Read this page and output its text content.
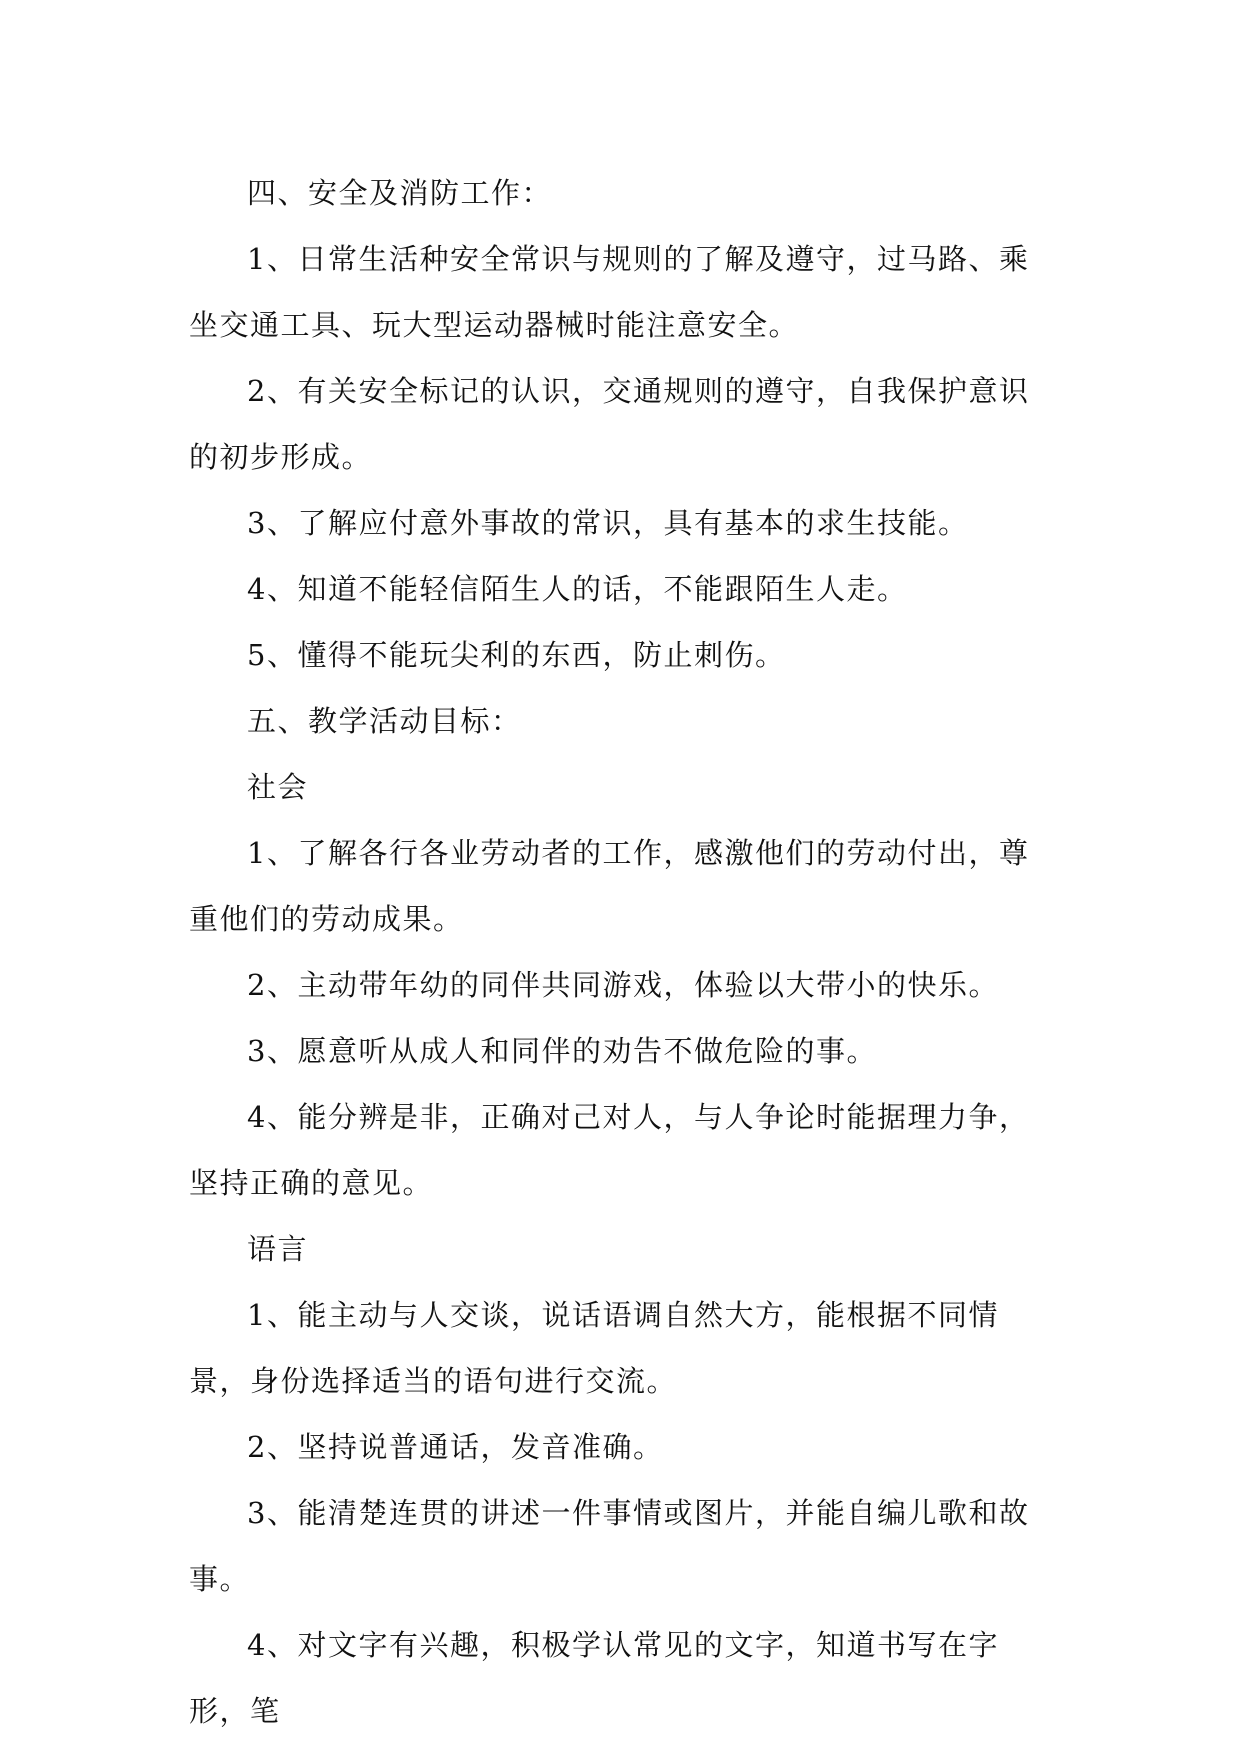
四、安全及消防工作：

1、日常生活种安全常识与规则的了解及遵守，过马路、乘坐交通工具、玩大型运动器械时能注意安全。

2、有关安全标记的认识，交通规则的遵守，自我保护意识的初步形成。

3、了解应付意外事故的常识，具有基本的求生技能。

4、知道不能轻信陌生人的话，不能跟陌生人走。

5、懂得不能玩尖利的东西，防止刺伤。

五、教学活动目标：

社会

1、了解各行各业劳动者的工作，感激他们的劳动付出，尊重他们的劳动成果。

2、主动带年幼的同伴共同游戏，体验以大带小的快乐。

3、愿意听从成人和同伴的劝告不做危险的事。

4、能分辨是非，正确对己对人，与人争论时能据理力争，坚持正确的意见。

语言

1、能主动与人交谈，说话语调自然大方，能根据不同情景，身份选择适当的语句进行交流。

2、坚持说普通话，发音准确。

3、能清楚连贯的讲述一件事情或图片，并能自编儿歌和故事。

4、对文字有兴趣，积极学认常见的文字，知道书写在字形，笔
